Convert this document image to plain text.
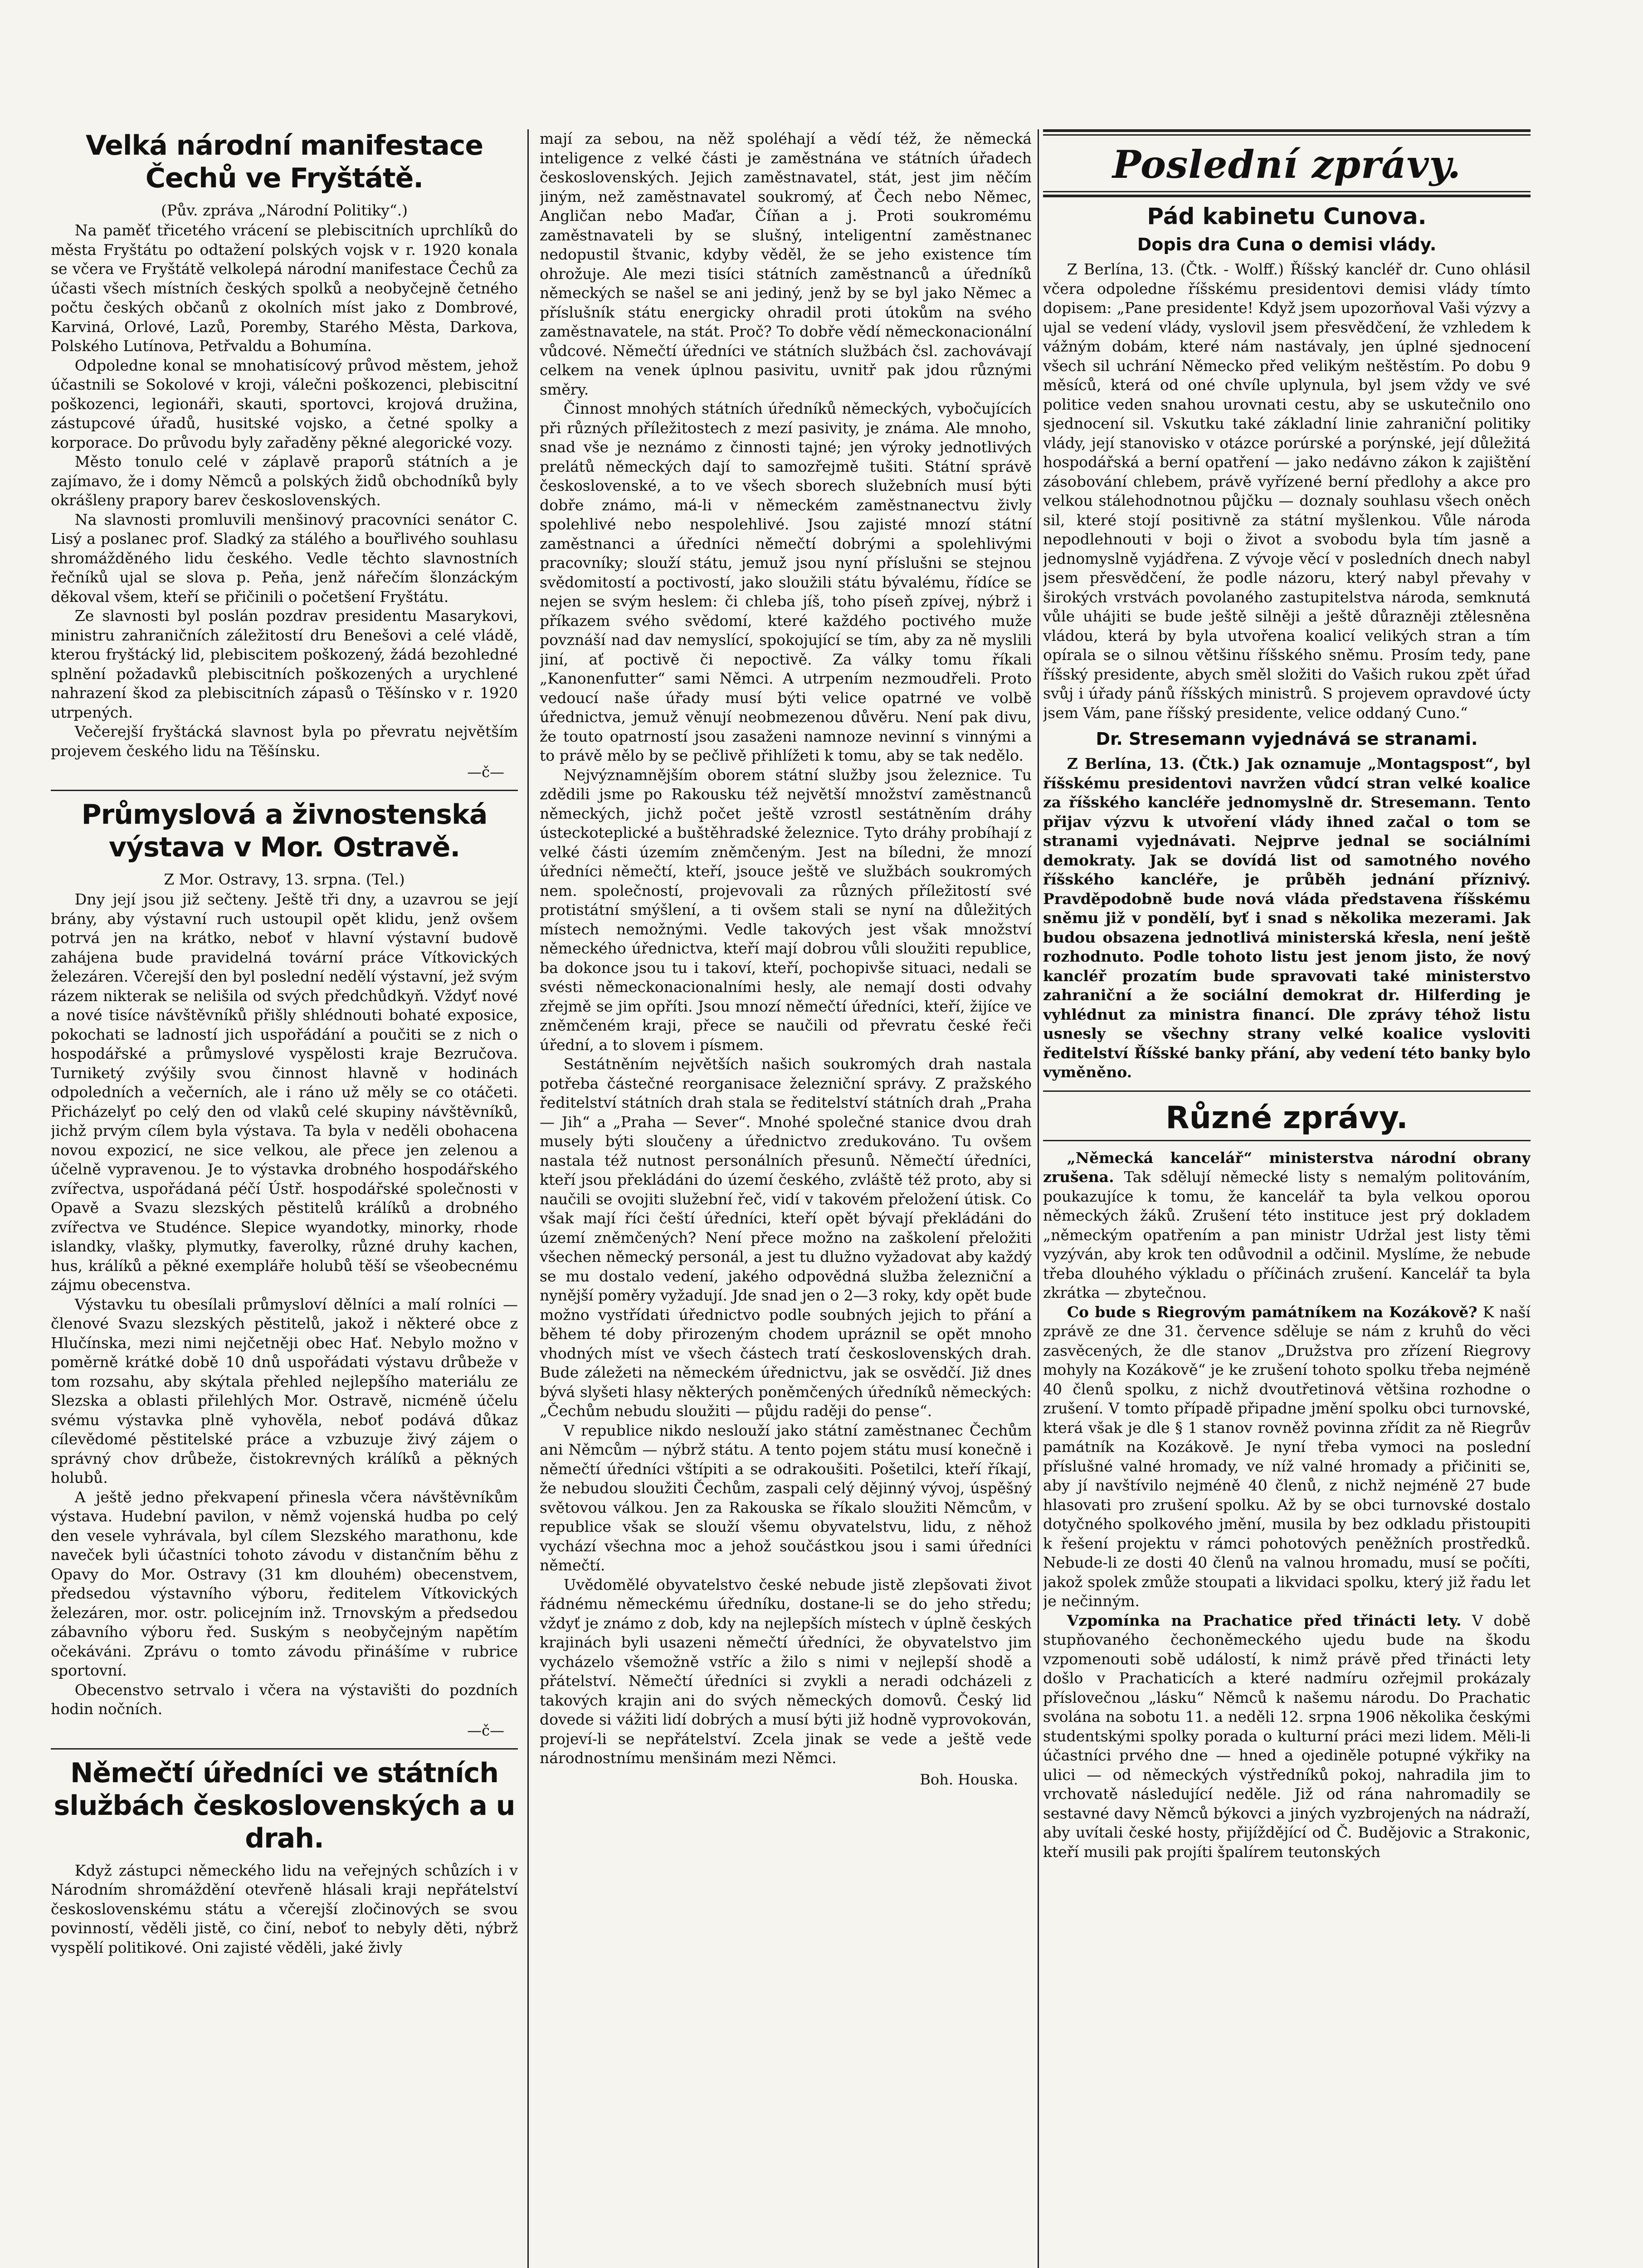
Velká národní manifestace Čechů ve Fryštátě.
(Pův. zpráva „Národní Politiky“.)

Na paměť třicetého vrácení se plebiscitních uprchlíků do města Fryštátu po odtažení polských vojsk v r. 1920 konala se včera ve Fryštátě velkolepá národní manifestace Čechů za účasti všech místních českých spolků a neobyčejně četného počtu českých občanů z okolních míst jako z Dombrové, Karviná, Orlové, Lazů, Poremby, Starého Města, Darkova, Polského Lutínova, Petřvaldu a Bohumína.

Odpoledne konal se mnohatisícový průvod městem, jehož účastnili se Sokolové v kroji, válečni poškozenci, plebiscitní poškozenci, legionáři, skauti, sportovci, krojová družina, zástupcové úřadů, husitské vojsko, a četné spolky a korporace. Do průvodu byly zařaděny pěkné alegorické vozy.

Město tonulo celé v záplavě praporů státních a je zajímavo, že i domy Němců a polských židů obchodníků byly okrášleny prapory barev československých.

Na slavnosti promluvili menšinový pracovníci senátor C. Lisý a poslanec prof. Sladký za stálého a bouřlivého souhlasu shromážděného lidu českého. Vedle těchto slavnostních řečníků ujal se slova p. Peňa, jenž nářečím šlonzáckým děkoval všem, kteří se přičinili o početšení Fryštátu.

Ze slavnosti byl poslán pozdrav presidentu Masarykovi, ministru zahraničních záležitostí dru Benešovi a celé vládě, kterou fryštácký lid, plebiscitem poškozený, žádá bezohledné splnění požadavků plebiscitních poškozených a urychlené nahrazení škod za plebiscitních zápasů o Těšínsko v r. 1920 utrpených.

Večerejší fryštácká slavnost byla po převratu největším projevem českého lidu na Těšínsku.

—č—
Průmyslová a živnostenská výstava v Mor. Ostravě.
Z Mor. Ostravy, 13. srpna. (Tel.)

Dny její jsou již sečteny. Ještě tři dny, a uzavrou se její brány, aby výstavní ruch ustoupil opět klidu, jenž ovšem potrvá jen na krátko, neboť v hlavní výstavní budově zahájena bude pravidelná tovární práce Vítkovických železáren. Včerejší den byl poslední nedělí výstavní, jež svým rázem nikterak se nelišila od svých předchůdkyň. Vždyť nové a nové tisíce návštěvníků přišly shlédnouti bohaté exposice, pokochati se ladností jich uspořádání a poučiti se z nich o hospodářské a průmyslové vyspělosti kraje Bezručova. Turniketý zvýšily svou činnost hlavně v hodinách odpoledních a večerních, ale i ráno už měly se co otáčeti. Přicházelyť po celý den od vlaků celé skupiny návštěvníků, jichž prvým cílem byla výstava. Ta byla v neděli obohacena novou expozicí, ne sice velkou, ale přece jen zelenou a účelně vypravenou. Je to výstavka drobného hospodářského zvířectva, uspořádaná péčí Ústř. hospodářské společnosti v Opavě a Svazu slezských pěstitelů králíků a drobného zvířectva ve Studénce. Slepice wyandotky, minorky, rhode islandky, vlašky, plymutky, faverolky, různé druhy kachen, hus, králíků a pěkné exempláře holubů těší se všeobecnému zájmu obecenstva.

Výstavku tu obesílali průmysloví dělníci a malí rolníci — členové Svazu slezských pěstitelů, jakož i některé obce z Hlučínska, mezi nimi nejčetněji obec Hať. Nebylo možno v poměrně krátké době 10 dnů uspořádati výstavu drůbeže v tom rozsahu, aby skýtala přehled nejlepšího materiálu ze Slezska a oblasti přilehlých Mor. Ostravě, nicméně účelu svému výstavka plně vyhověla, neboť podává důkaz cílevědomé pěstitelské práce a vzbuzuje živý zájem o správný chov drůbeže, čistokrevných králíků a pěkných holubů.

A ještě jedno překvapení přinesla včera návštěvníkům výstava. Hudební pavilon, v němž vojenská hudba po celý den vesele vyhrávala, byl cílem Slezského marathonu, kde naveček byli účastníci tohoto závodu v distančním běhu z Opavy do Mor. Ostravy (31 km dlouhém) obecenstvem, předsedou výstavního výboru, ředitelem Vítkovických železáren, mor. ostr. policejním inž. Trnovským a předsedou zábavního výboru řed. Suským s neobyčejným napětím očekáváni. Zprávu o tomto závodu přinášíme v rubrice sportovní.

Obecenstvo setrvalo i včera na výstavišti do pozdních hodin nočních.

—č—
Němečtí úředníci ve státních službách československých a u drah.

Když zástupci německého lidu na veřejných schůzích i v Národním shromáždění otevřeně hlásali kraji nepřátelství československému státu a včerejší zločinových se svou povinností, věděli jistě, co činí, neboť to nebyly děti, nýbrž vyspělí politikové. Oni zajisté věděli, jaké živly

mají za sebou, na něž spoléhají a vědí též, že německá inteligence z velké části je zaměstnána ve státních úřadech československých. Jejich zaměstnavatel, stát, jest jim něčím jiným, než zaměstnavatel soukromý, ať Čech nebo Němec, Angličan nebo Maďar, Číňan a j. Proti soukromému zaměstnavateli by se slušný, inteligentní zaměstnanec nedopustil štvanic, kdyby věděl, že se jeho existence tím ohrožuje. Ale mezi tisíci státních zaměstnanců a úředníků německých se našel se ani jediný, jenž by se byl jako Němec a příslušník státu energicky ohradil proti útokům na svého zaměstnavatele, na stát. Proč? To dobře vědí německonacionální vůdcové. Němečtí úředníci ve státních službách čsl. zachovávají celkem na venek úplnou pasivitu, uvnitř pak jdou různými směry.

Činnost mnohých státních úředníků německých, vybočujících při různých příležitostech z mezí pasivity, je známa. Ale mnoho, snad vše je neznámo z činnosti tajné; jen výroky jednotlivých prelátů německých dají to samozřejmě tušiti. Státní správě československé, a to ve všech sborech služebních musí býti dobře známo, má-li v německém zaměstnanectvu živly spolehlivé nebo nespolehlivé. Jsou zajisté mnozí státní zaměstnanci a úředníci němečtí dobrými a spolehlivými pracovníky; slouží státu, jemuž jsou nyní příslušni se stejnou svědomitostí a poctivostí, jako sloužili státu bývalému, řídíce se nejen se svým heslem: či chleba jíš, toho píseň zpívej, nýbrž i příkazem svého svědomí, které každého poctivého muže povznáší nad dav nemyslící, spokojující se tím, aby za ně myslili jiní, ať poctivě či nepoctivě. Za války tomu říkali „Kanonenfutter“ sami Němci. A utrpením nezmoudřeli. Proto vedoucí naše úřady musí býti velice opatrné ve volbě úřednictva, jemuž věnují neobmezenou důvěru. Není pak divu, že touto opatrností jsou zasaženi namnoze nevinní s vinnými a to právě mělo by se pečlivě přihlížeti k tomu, aby se tak nedělo.

Nejvýznamnějším oborem státní služby jsou železnice. Tu zdědili jsme po Rakousku též největší množství zaměstnanců německých, jichž počet ještě vzrostl sestátněním dráhy ústeckoteplické a buštěhradské železnice. Tyto dráhy probíhají z velké části územím zněmčeným. Jest na bíledni, že mnozí úředníci němečtí, kteří, jsouce ještě ve službách soukromých nem. společností, projevovali za různých příležitostí své protistátní smýšlení, a ti ovšem stali se nyní na důležitých místech nemožnými. Vedle takových jest však množství německého úřednictva, kteří mají dobrou vůli sloužiti republice, ba dokonce jsou tu i takoví, kteří, pochopivše situaci, nedali se svésti německonacionalními hesly, ale nemají dosti odvahy zřejmě se jim opříti. Jsou mnozí němečtí úředníci, kteří, žijíce ve zněmčeném kraji, přece se naučili od převratu české řeči úřední, a to slovem i písmem.

Sestátněním největších našich soukromých drah nastala potřeba částečné reorganisace železniční správy. Z pražského ředitelství státních drah stala se ředitelství státních drah „Praha — Jih“ a „Praha — Sever“. Mnohé společné stanice dvou drah musely býti sloučeny a úřednictvo zredukováno. Tu ovšem nastala též nutnost personálních přesunů. Němečtí úředníci, kteří jsou překládáni do území českého, zvláště též proto, aby si naučili se ovojiti služební řeč, vidí v takovém přeložení útisk. Co však mají říci čeští úředníci, kteří opět bývají překládáni do území zněmčených? Není přece možno na zaškolení přeložiti všechen německý personál, a jest tu dlužno vyžadovat aby každý se mu dostalo vedení, jakého odpovědná služba železniční a nynější poměry vyžadují. Jde snad jen o 2—3 roky, kdy opět bude možno vystřídati úřednictvo podle soubných jejich to přání a během té doby přirozeným chodem upráznil se opět mnoho vhodných míst ve všech částech tratí československých drah. Bude záležeti na německém úřednictvu, jak se osvědčí. Již dnes bývá slyšeti hlasy některých poněmčených úředníků německých: „Čechům nebudu sloužiti — půjdu raději do pense“.

V republice nikdo neslouží jako státní zaměstnanec Čechům ani Němcům — nýbrž státu. A tento pojem státu musí konečně i němečtí úředníci vštípiti a se odrakoušiti. Pošetilci, kteří říkají, že nebudou sloužiti Čechům, zaspali celý dějinný vývoj, úspěšný světovou válkou. Jen za Rakouska se říkalo sloužiti Němcům, v republice však se slouží všemu obyvatelstvu, lidu, z něhož vychází všechna moc a jehož součástkou jsou i sami úředníci němečtí.

Uvědomělé obyvatelstvo české nebude jistě zlepšovati život řádnému německému úředníku, dostane-li se do jeho středu; vždyť je známo z dob, kdy na nejlepších místech v úplně českých krajinách byli usazeni němečtí úředníci, že obyvatelstvo jim vycházelo všemožně vstříc a žilo s nimi v nejlepší shodě a přátelství. Němečtí úředníci si zvykli a neradi odcházeli z takových krajin ani do svých německých domovů. Český lid dovede si vážiti lidí dobrých a musí býti již hodně vyprovokován, projeví-li se nepřátelství. Zcela jinak se vede a ještě vede národnostnímu menšinám mezi Němci.

Boh. Houska.
Poslední zprávy.
Pád kabinetu Cunova.
Dopis dra Cuna o demisi vlády.

Z Berlína, 13. (Čtk. - Wolff.) Říšský kancléř dr. Cuno ohlásil včera odpoledne říšskému presidentovi demisi vlády tímto dopisem: „Pane presidente! Když jsem upozorňoval Vaši výzvy a ujal se vedení vlády, vyslovil jsem přesvědčení, že vzhledem k vážným dobám, které nám nastávaly, jen úplné sjednocení všech sil uchrání Německo před velikým neštěstím. Po dobu 9 měsíců, která od oné chvíle uplynula, byl jsem vždy ve své politice veden snahou urovnati cestu, aby se uskutečnilo ono sjednocení sil. Vskutku také základní linie zahraniční politiky vlády, její stanovisko v otázce porúrské a porýnské, její důležitá hospodářská a berní opatření — jako nedávno zákon k zajištění zásobování chlebem, právě vyřízené berní předlohy a akce pro velkou stálehodnotnou půjčku — doznaly souhlasu všech oněch sil, které stojí positivně za státní myšlenkou. Vůle národa nepodlehnouti v boji o život a svobodu byla tím jasně a jednomyslně vyjádřena. Z vývoje věcí v posledních dnech nabyl jsem přesvědčení, že podle názoru, který nabyl převahy v širokých vrstvách povolaného zastupitelstva národa, semknutá vůle uhájiti se bude ještě silněji a ještě důrazněji ztělesněna vládou, která by byla utvořena koalicí velikých stran a tím opírala se o silnou většinu říšského sněmu. Prosím tedy, pane říšský presidente, abych směl složiti do Vašich rukou zpět úřad svůj i úřady pánů říšských ministrů. S projevem opravdové úcty jsem Vám, pane říšský presidente, velice oddaný Cuno.“

Dr. Stresemann vyjednává se stranami.

Z Berlína, 13. (Čtk.) Jak oznamuje „Montagspost“, byl říšskému presidentovi navržen vůdcí stran velké koalice za říšského kancléře jednomyslně dr. Stresemann. Tento přijav výzvu k utvoření vlády ihned začal o tom se stranami vyjednávati. Nejprve jednal se sociálními demokraty. Jak se dovídá list od samotného nového říšského kancléře, je průběh jednání příznivý. Pravděpodobně bude nová vláda představena říšskému sněmu již v pondělí, byť i snad s několika mezerami. Jak budou obsazena jednotlivá ministerská křesla, není ještě rozhodnuto. Podle tohoto listu jest jenom jisto, že nový kancléř prozatím bude spravovati také ministerstvo zahraniční a že sociální demokrat dr. Hilferding je vyhlédnut za ministra financí. Dle zprávy téhož listu usnesly se všechny strany velké koalice vysloviti ředitelství Říšské banky přání, aby vedení této banky bylo vyměněno.

Různé zprávy.

„Německá kancelář“ ministerstva národní obrany zrušena. Tak sdělují německé listy s nemalým politováním, poukazujíce k tomu, že kancelář ta byla velkou oporou německých žáků. Zrušení této instituce jest prý dokladem „německým opatřením a pan ministr Udržal jest listy těmi vyzýván, aby krok ten odůvodnil a odčinil. Myslíme, že nebude třeba dlouhého výkladu o příčinách zrušení. Kancelář ta byla zkrátka — zbytečnou.

Co bude s Riegrovým památníkem na Kozákově? K naší zprávě ze dne 31. července sděluje se nám z kruhů do věci zasvěcených, že dle stanov „Družstva pro zřízení Riegrovy mohyly na Kozákově“ je ke zrušení tohoto spolku třeba nejméně 40 členů spolku, z nichž dvoutřetinová většina rozhodne o zrušení. V tomto případě připadne jmění spolku obci turnovské, která však je dle § 1 stanov rovněž povinna zřídit za ně Riegrův památník na Kozákově. Je nyní třeba vymoci na poslední příslušné valné hromady, ve níž valné hromady a přičiniti se, aby jí navštívilo nejméně 40 členů, z nichž nejméně 27 bude hlasovati pro zrušení spolku. Až by se obci turnovské dostalo dotyčného spolkového jmění, musila by bez odkladu přistoupiti k řešení projektu v rámci pohotových peněžních prostředků. Nebude-li ze dosti 40 členů na valnou hromadu, musí se počíti, jakož spolek zmůže stoupati a likvidaci spolku, který již řadu let je nečinným.

Vzpomínka na Prachatice před třinácti lety. V době stupňovaného čechoněmeckého ujedu bude na škodu vzpomenouti sobě událostí, k nimž právě před třinácti lety došlo v Prachaticích a které nadmíru ozřejmil prokázaly příslovečnou „lásku“ Němců k našemu národu. Do Prachatic svolána na sobotu 11. a neděli 12. srpna 1906 několika českými studentskými spolky porada o kulturní práci mezi lidem. Měli-li účastníci prvého dne — hned a ojediněle potupné výkřiky na ulici — od německých výstředníků pokoj, nahradila jim to vrchovatě následující neděle. Již od rána nahromadily se sestavné davy Němců býkovci a jiných vyzbrojených na nádraží, aby uvítali české hosty, přijíždějící od Č. Budějovic a Strakonic, kteří musili pak projíti špalírem teutonských
